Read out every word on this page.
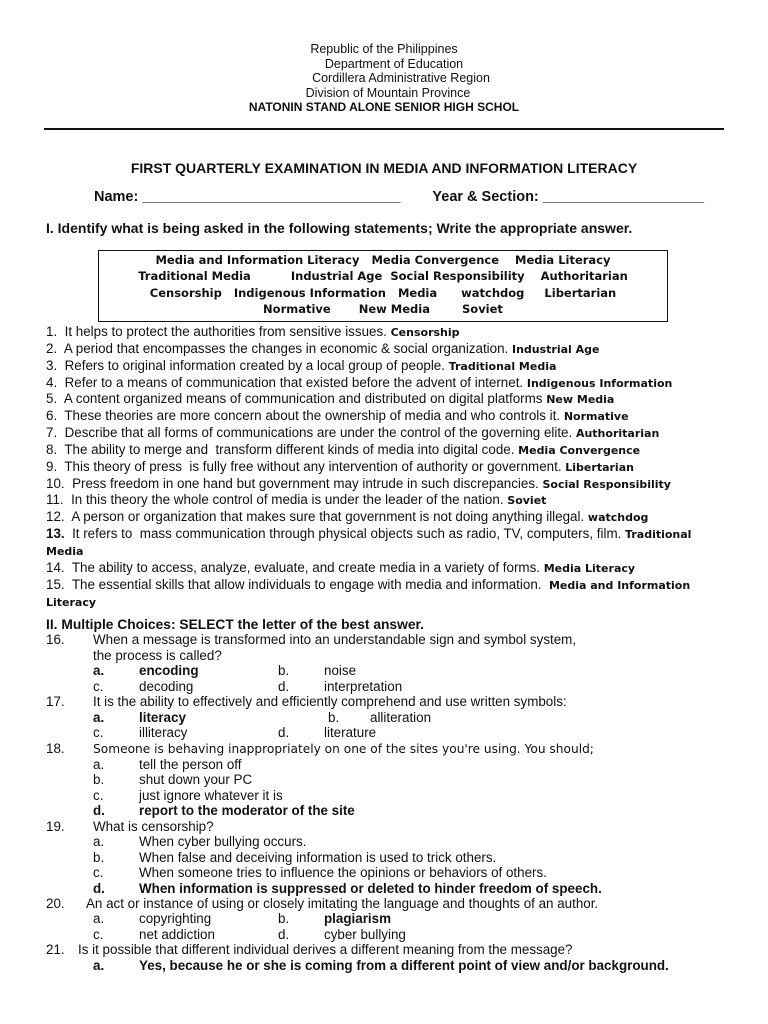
Republic of the Philippines
Department of Education
Cordillera Administrative Region
Division of Mountain Province
NATONIN STAND ALONE SENIOR HIGH SCHOL
FIRST QUARTERLY EXAMINATION IN MEDIA AND INFORMATION LITERACY
Name: ________________________________ Year & Section: ____________________
I. Identify what is being asked in the following statements; Write the appropriate answer.
Media and Information Literacy   Media Convergence    Media Literacy
Traditional Media          Industrial Age  Social Responsibility    Authoritarian
Censorship   Indigenous Information   Media      watchdog     Libertarian
Normative       New Media        Soviet
1.  It helps to protect the authorities from sensitive issues. Censorship
2.  A period that encompasses the changes in economic & social organization. Industrial Age
3.  Refers to original information created by a local group of people. Traditional Media
4.  Refer to a means of communication that existed before the advent of internet. Indigenous Information
5.  A content organized means of communication and distributed on digital platforms New Media
6.  These theories are more concern about the ownership of media and who controls it. Normative
7.  Describe that all forms of communications are under the control of the governing elite. Authoritarian
8.  The ability to merge and  transform different kinds of media into digital code. Media Convergence
9.  This theory of press  is fully free without any intervention of authority or government. Libertarian
10.  Press freedom in one hand but government may intrude in such discrepancies. Social Responsibility
11.  In this theory the whole control of media is under the leader of the nation. Soviet
12.  A person or organization that makes sure that government is not doing anything illegal. watchdog
13.  It refers to  mass communication through physical objects such as radio, TV, computers, film. Traditional Media
14.  The ability to access, analyze, evaluate, and create media in a variety of forms. Media Literacy
15.  The essential skills that allow individuals to engage with media and information.  Media and Information Literacy
II. Multiple Choices: SELECT the letter of the best answer.
16. When a message is transformed into an understandable sign and symbol system,
the process is called?
a.	encoding	b.	noise
c.	decoding	d.	interpretation
17. It is the ability to effectively and efficiently comprehend and use written symbols:
a.	literacy	b. alliteration
c.	illiteracy	d.	literature
18. Someone is behaving inappropriately on one of the sites you're using. You should;
a.	tell the person off
b.	shut down your PC
c.	just ignore whatever it is
d.	report to the moderator of the site
19. What is censorship?
a.	When cyber bullying occurs.
b.	When false and deceiving information is used to trick others.
c.	When someone tries to influence the opinions or behaviors of others.
d.	When information is suppressed or deleted to hinder freedom of speech.
20. An act or instance of using or closely imitating the language and thoughts of an author.
a.	copyrighting	b.	plagiarism
c.	net addiction	d.	cyber bullying
21. Is it possible that different individual derives a different meaning from the message?
a.	Yes, because he or she is coming from a different point of view and/or background.
